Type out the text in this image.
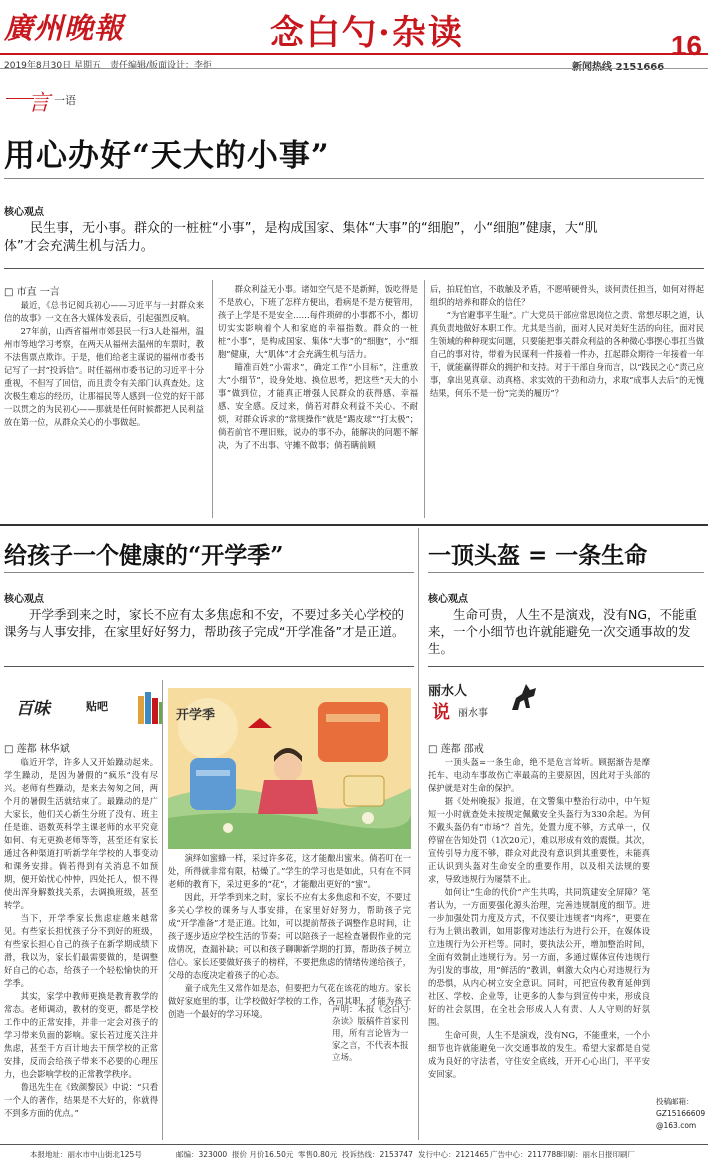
廣州晚報	念白勺·杂读	16
2019年8月30日 星期五 责任编辑/版面设计：李炬	新闻热线 2151666
言 一语
用心办好“天大的小事”
核心观点
民生事，无小事。群众的一桩桩“小事”，是构成国家、集体“大事”的“细胞”，小“细胞”健康，大“肌体”才会充满生机与活力。
□ 市直 一言

最近，《总书记阅兵初心——习近平与一封群众来信的故事》一文在各大媒体发表后，引起强烈反响。

27年前，山西省福州市郊县民一行3人赴福州，温州市等地学习考察，在两天从福州去温州的车票时，教不法售票点欺诈。于是，他们给老主谋说的福州市委书记写了一封“投诉信”。时任福州市委书记的习近平十分重视，不但写了回信，而且责令有关部门认真查处。这次极生难忘的经历，让那福民等人感到一位党的好干部一以贯之的为民初心——那就是任何时候都把人民利益放在第一位，从群众关心的小事做起。

群众利益无小事。诸如空气是不是新鲜，饭吃得是不是放心，下班了怎样方便出，看病是不是方便管用，孩子上学是不是安全……每件琐碎的小事都不小，都切切实实影响着个人和家庭的幸福指数。群众的一桩桩“小事”，是构成国家、集体“大事”的“细胞”，小“细胞”健康，大“肌体”才会充满生机与活力。

瞄准百姓“小需求”，确定工作“小目标”，注重放大“小细节”，设身处地、换位思考，把这些“天大的小事”做到位，才能真正增强人民群众的获得感、幸福感、安全感。反过来，倘若对群众利益不关心、不耐烦，对群众诉求的“常规操作”就是“踢皮球”“打太极”；倘若前官不理旧账，说办的事不办，能解决的问题不解决，为了不出事、守摊不做事；倘若瞒前顾

后，拍屁怕官，不敢触及矛盾，不愿啃硬骨头，谈何责任担当，如何对得起组织的培养和群众的信任？

“为官避事平生耻”。广大党员干部应常思岗位之责、常想尽职之道，认真负责地做好本职工作。尤其是当前，面对人民对美好生活的向往，面对民生领域的种种现实问题，只要能把事关群众利益的各种微心事摆心事扛当做自己的事对待，带着为民谋利一件接着一件办，扛起群众期待一年接着一年干，就能赢得群众的拥护和支持。对于干部自身而言，以“践民之心”责己应事，拿出见真章、动真格、求实效的干劲和动力，求取“成事人去后”的无愧结果，何乐不是一份“完美的履历”？

给孩子一个健康的“开学季”
核心观点
开学季到来之时，家长不应有太多焦虑和不安，不要过多关心学校的课务与人事安排，在家里好好努力，帮助孩子完成“开学准备”才是正道。
百味	贴吧
□ 莲都 林华斌

临近开学，许多人又开始躁动起来。学生躁动，是因为暑假的“疯乐”没有尽兴。老师有些躁动，是来去匆匆之间，两个月的暑假生活就结束了。最躁动的是广大家长，他们关心新生分班了没有、班主任是谁、语数英科学主课老师的水平究竟如何、有无更换老师等等，甚至还有家长通过各种渠道打听新学年学校的人事变动和课务安排。倘若得到有关消息不如预期，便开始忧心忡忡，四处托人，恨不得使出浑身解数找关系，去调换班级，甚至转学。

当下，开学季家长焦虑症越来越常见。有些家长担忧孩子分不到好的班级，有些家长担心自己的孩子在新学期成绩下滑，我以为，家长们最需要做的，是调整好自己的心态，给孩子一个轻松愉快的开学季。

其实，家学中教师更换是教育教学的常态。老师调动，教材的变更，都是学校工作中的正常安排，并非一定会对孩子的学习带来负面的影响。家长若过度关注并焦虑，甚至千方百计地去干预学校的正常安排，反而会给孩子带来不必要的心理压力，也会影响学校的正常教学秩序。

鲁迅先生在《致颜黎民》中说：“只看一个人的著作，结果是不大好的，你就得不到多方面的优点。”

开学季

演绎如蜜蜂一样，采过许多花，这才能酿出蜜来。倘若叮在一处，所得就非常有限，枯燥了。”学生的学习也是如此，只有在不同老师的教育下，采过更多的“花”，才能酿出更好的“蜜”。

因此，开学季到来之时，家长不应有太多焦虑和不安，不要过多关心学校的课务与人事安排，在家里好好努力，帮助孩子完成“开学准备”才是正道。比如，可以提前帮孩子调整作息时间，让孩子逐步适应学校生活的节奏；可以陪孩子一起检查暑假作业的完成情况，查漏补缺；可以和孩子聊聊新学期的打算，帮助孩子树立信心。家长还要做好孩子的榜样，不要把焦虑的情绪传递给孩子，父母的态度决定着孩子的心态。

童子成先生又常作如是态，但要把力气花在该花的地方。家长做好家庭里的事，让学校做好学校的工作，各司其职，才能为孩子创造一个最好的学习环境。	声明：本报《念白勺·杂读》版稿件首家刊用，所有言论皆为一家之言，不代表本报立场。
一顶头盔 = 一条生命
核心观点
生命可贵，人生不是演戏，没有NG，不能重来，一个小细节也许就能避免一次交通事故的发生。
丽水人
说 丽水事
□ 莲都 邵戒

一顶头盔=一条生命，绝不是危言耸听。顾据渐告是摩托车、电动车事故伤亡率最高的主要原因，因此对于头部的保护就是对生命的保护。

据《处州晚报》报道，在文警集中整治行动中，中午短短一小时就查处未按规定佩戴安全头盔行为330余起。为何不戴头盔仍有“市场”？首先，处置力度不够，方式单一，仅停留在告知处罚（1次20元），难以形成有效的震慑。其次，宣传引导力度不够，群众对此没有意识到其重要性，未能真正认识到头盔对生命安全的重要作用，以及相关法规的要求，导致违规行为屡禁不止。

如何让“生命的代价”产生共鸣，共同筑建安全屏障？笔者认为，一方面要强化源头治理，完善违规制度的细节。进一步加强处罚力度及方式，不仅要让违规者“肉疼”，更要在行为上锁出教训，如用影像对违法行为进行公开，在媒体设立违规行为公开栏等。同时，要执法公开，增加整治时间，全面有效制止违规行为。另一方面，多通过媒体宣传违规行为引发的事故，用“鲜活的”教训，刺激大众内心对违规行为的恐惧，从内心树立安全意识。同时，可把宣传教育延伸到社区、学校、企业等，让更多的人参与到宣传中来，形成良好的社会氛围，在全社会形成人人有责、人人守则的好氛围。

生命可贵，人生不是演戏，没有NG，不能重来，一个小细节也许就能避免一次交通事故的发生。希望大家都是自觉成为良好的守法者，守住安全底线，开开心心出门，平平安安回家。

投稿邮箱：
GZ15166609@163.com
本报地址：丽水市中山街北125号	邮编：323000 报价 月价16.50元 零售0.80元 投诉热线：2153747 发行中心：2121465 广告中心：2117788 印刷：丽水日报印刷厂
